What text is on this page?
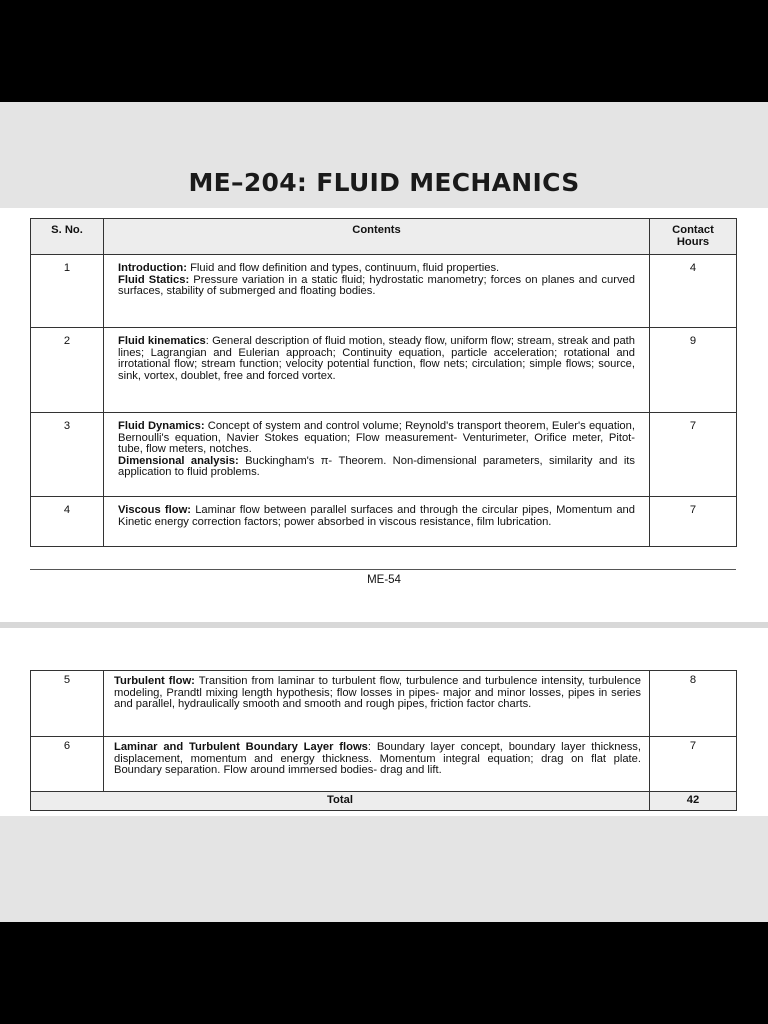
ME–204: FLUID MECHANICS
S. No.	Contents	Contact Hours
1	Introduction: Fluid and flow definition and types, continuum, fluid properties.
Fluid Statics: Pressure variation in a static fluid; hydrostatic manometry; forces on planes and curved surfaces, stability of submerged and floating bodies.	4
2	Fluid kinematics: General description of fluid motion, steady flow, uniform flow; stream, streak and path lines; Lagrangian and Eulerian approach; Continuity equation, particle acceleration; rotational and irrotational flow; stream function; velocity potential function, flow nets; circulation; simple flows; source, sink, vortex, doublet, free and forced vortex.	9
3	Fluid Dynamics: Concept of system and control volume; Reynold's transport theorem, Euler's equation, Bernoulli's equation, Navier Stokes equation; Flow measurement- Venturimeter, Orifice meter, Pitot- tube, flow meters, notches.
Dimensional analysis: Buckingham's π- Theorem. Non-dimensional parameters, similarity and its application to fluid problems.	7
4	Viscous flow: Laminar flow between parallel surfaces and through the circular pipes, Momentum and Kinetic energy correction factors; power absorbed in viscous resistance, film lubrication.	7
ME-54
5	Turbulent flow: Transition from laminar to turbulent flow, turbulence and turbulence intensity, turbulence modeling, Prandtl mixing length hypothesis; flow losses in pipes- major and minor losses, pipes in series and parallel, hydraulically smooth and smooth and rough pipes, friction factor charts.	8
6	Laminar and Turbulent Boundary Layer flows: Boundary layer concept, boundary layer thickness, displacement, momentum and energy thickness. Momentum integral equation; drag on flat plate. Boundary separation. Flow around immersed bodies- drag and lift.	7
Total		42
